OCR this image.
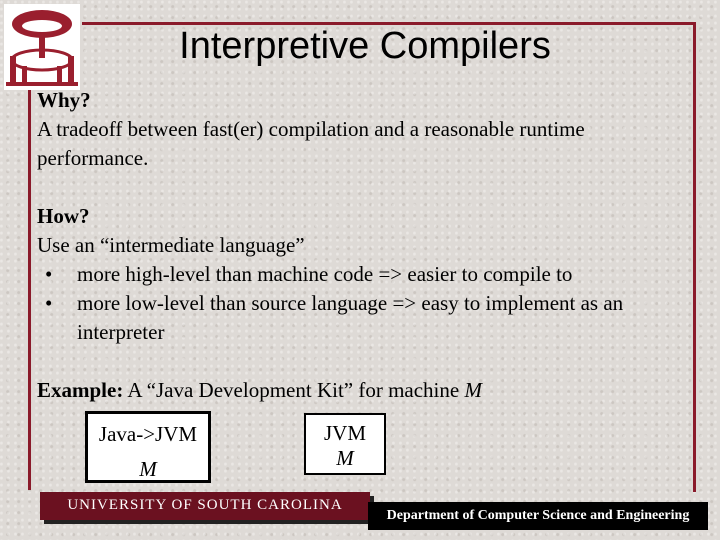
Interpretive Compilers

Why?

A tradeoff between fast(er) compilation and a reasonable runtime performance.

How?

Use an “intermediate language”

•	more high-level than machine code => easier to compile to
•	more low-level than source language => easy to implement as an interpreter

Example: A “Java Development Kit” for machine M

Java->JVM
M
JVM
M
UNIVERSITY OF SOUTH CAROLINA
Department of Computer Science and Engineering
